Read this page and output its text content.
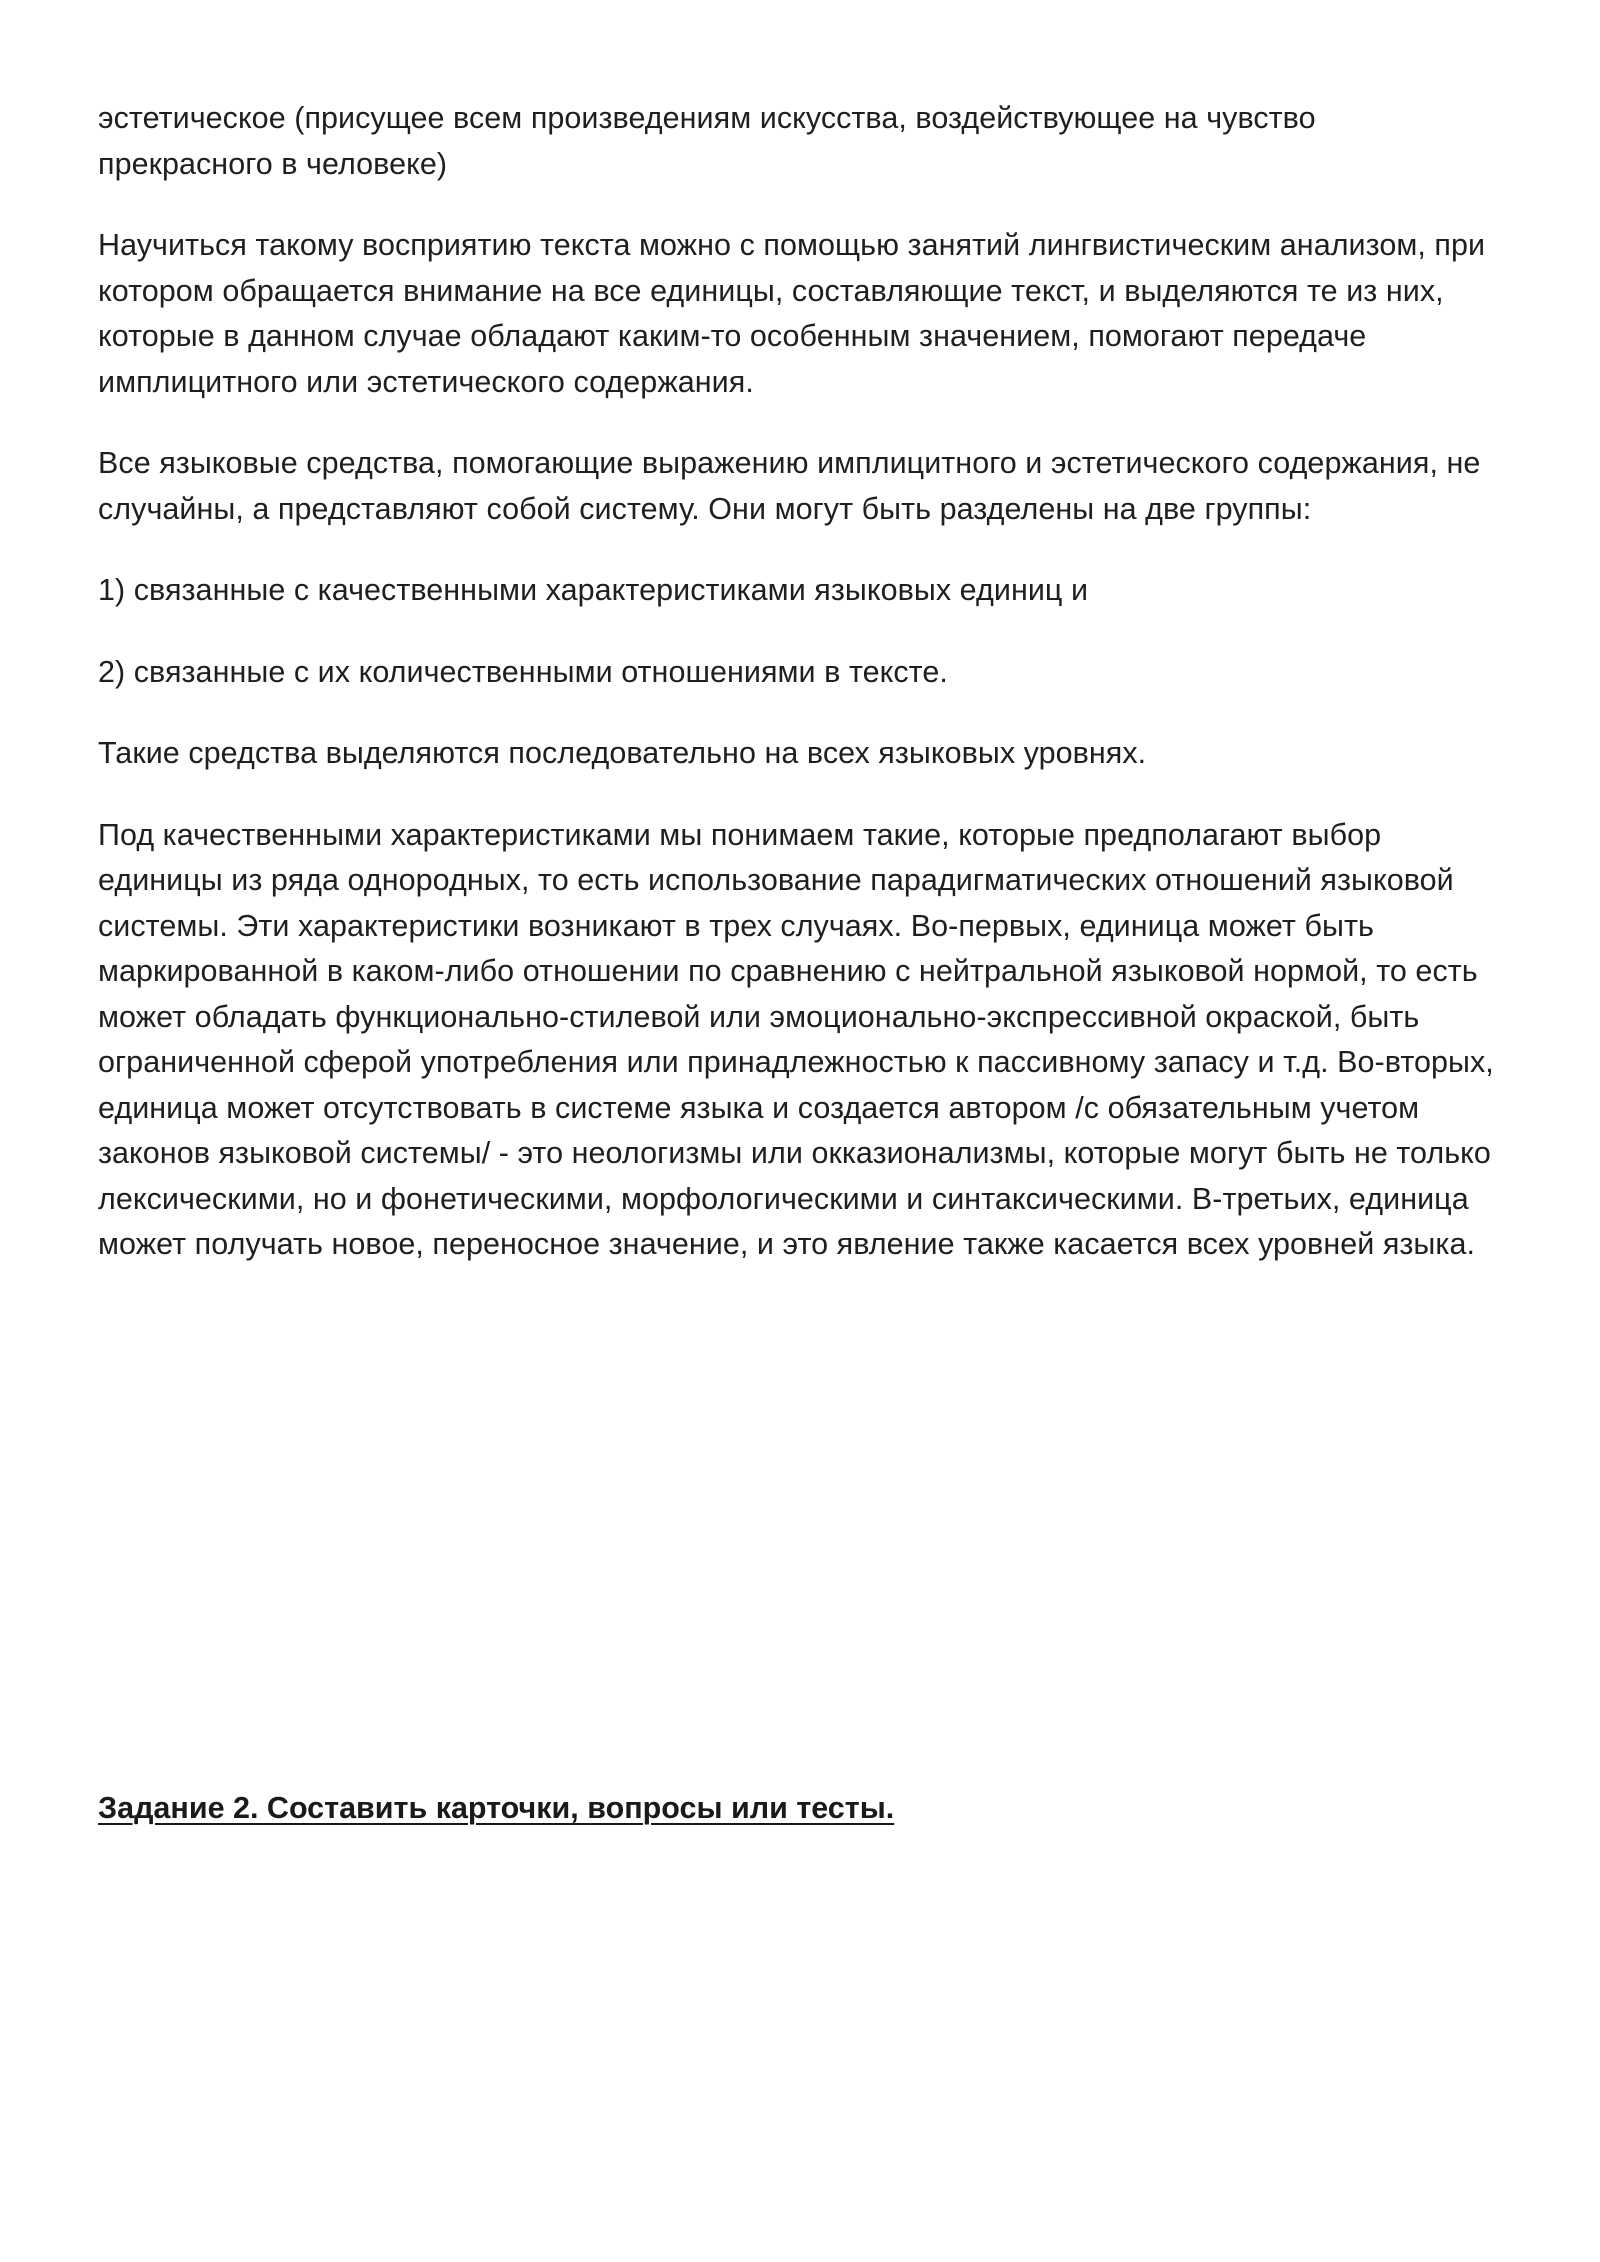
эстетическое (присущее всем произведениям искусства, воздействующее на чувство прекрасного в человеке)

Научиться такому восприятию текста можно с помощью занятий лингвистическим анализом, при котором обращается внимание на все единицы, составляющие текст, и выделяются те из них, которые в данном случае обладают каким-то особенным значением, помогают передаче имплицитного или эстетического содержания.

Все языковые средства, помогающие выражению имплицитного и эстетического содержания, не случайны, а представляют собой систему. Они могут быть разделены на две группы:

1) связанные с качественными характеристиками языковых единиц и

2) связанные с их количественными отношениями в тексте.

Такие средства выделяются последовательно на всех языковых уровнях.

Под качественными характеристиками мы понимаем такие, которые предполагают выбор единицы из ряда однородных, то есть использование парадигматических отношений языковой системы. Эти характеристики возникают в трех случаях. Во-первых, единица может быть маркированной в каком-либо отношении по сравнению с нейтральной языковой нормой, то есть может обладать функционально-стилевой или эмоционально-экспрессивной окраской, быть ограниченной сферой употребления или принадлежностью к пассивному запасу и т.д. Во-вторых, единица может отсутствовать в системе языка и создается автором /с обязательным учетом законов языковой системы/ - это неологизмы или окказионализмы, которые могут быть не только лексическими, но и фонетическими, морфологическими и синтаксическими. В-третьих, единица может получать новое, переносное значение, и это явление также касается всех уровней языка.

Задание 2. Составить карточки, вопросы или тесты.
